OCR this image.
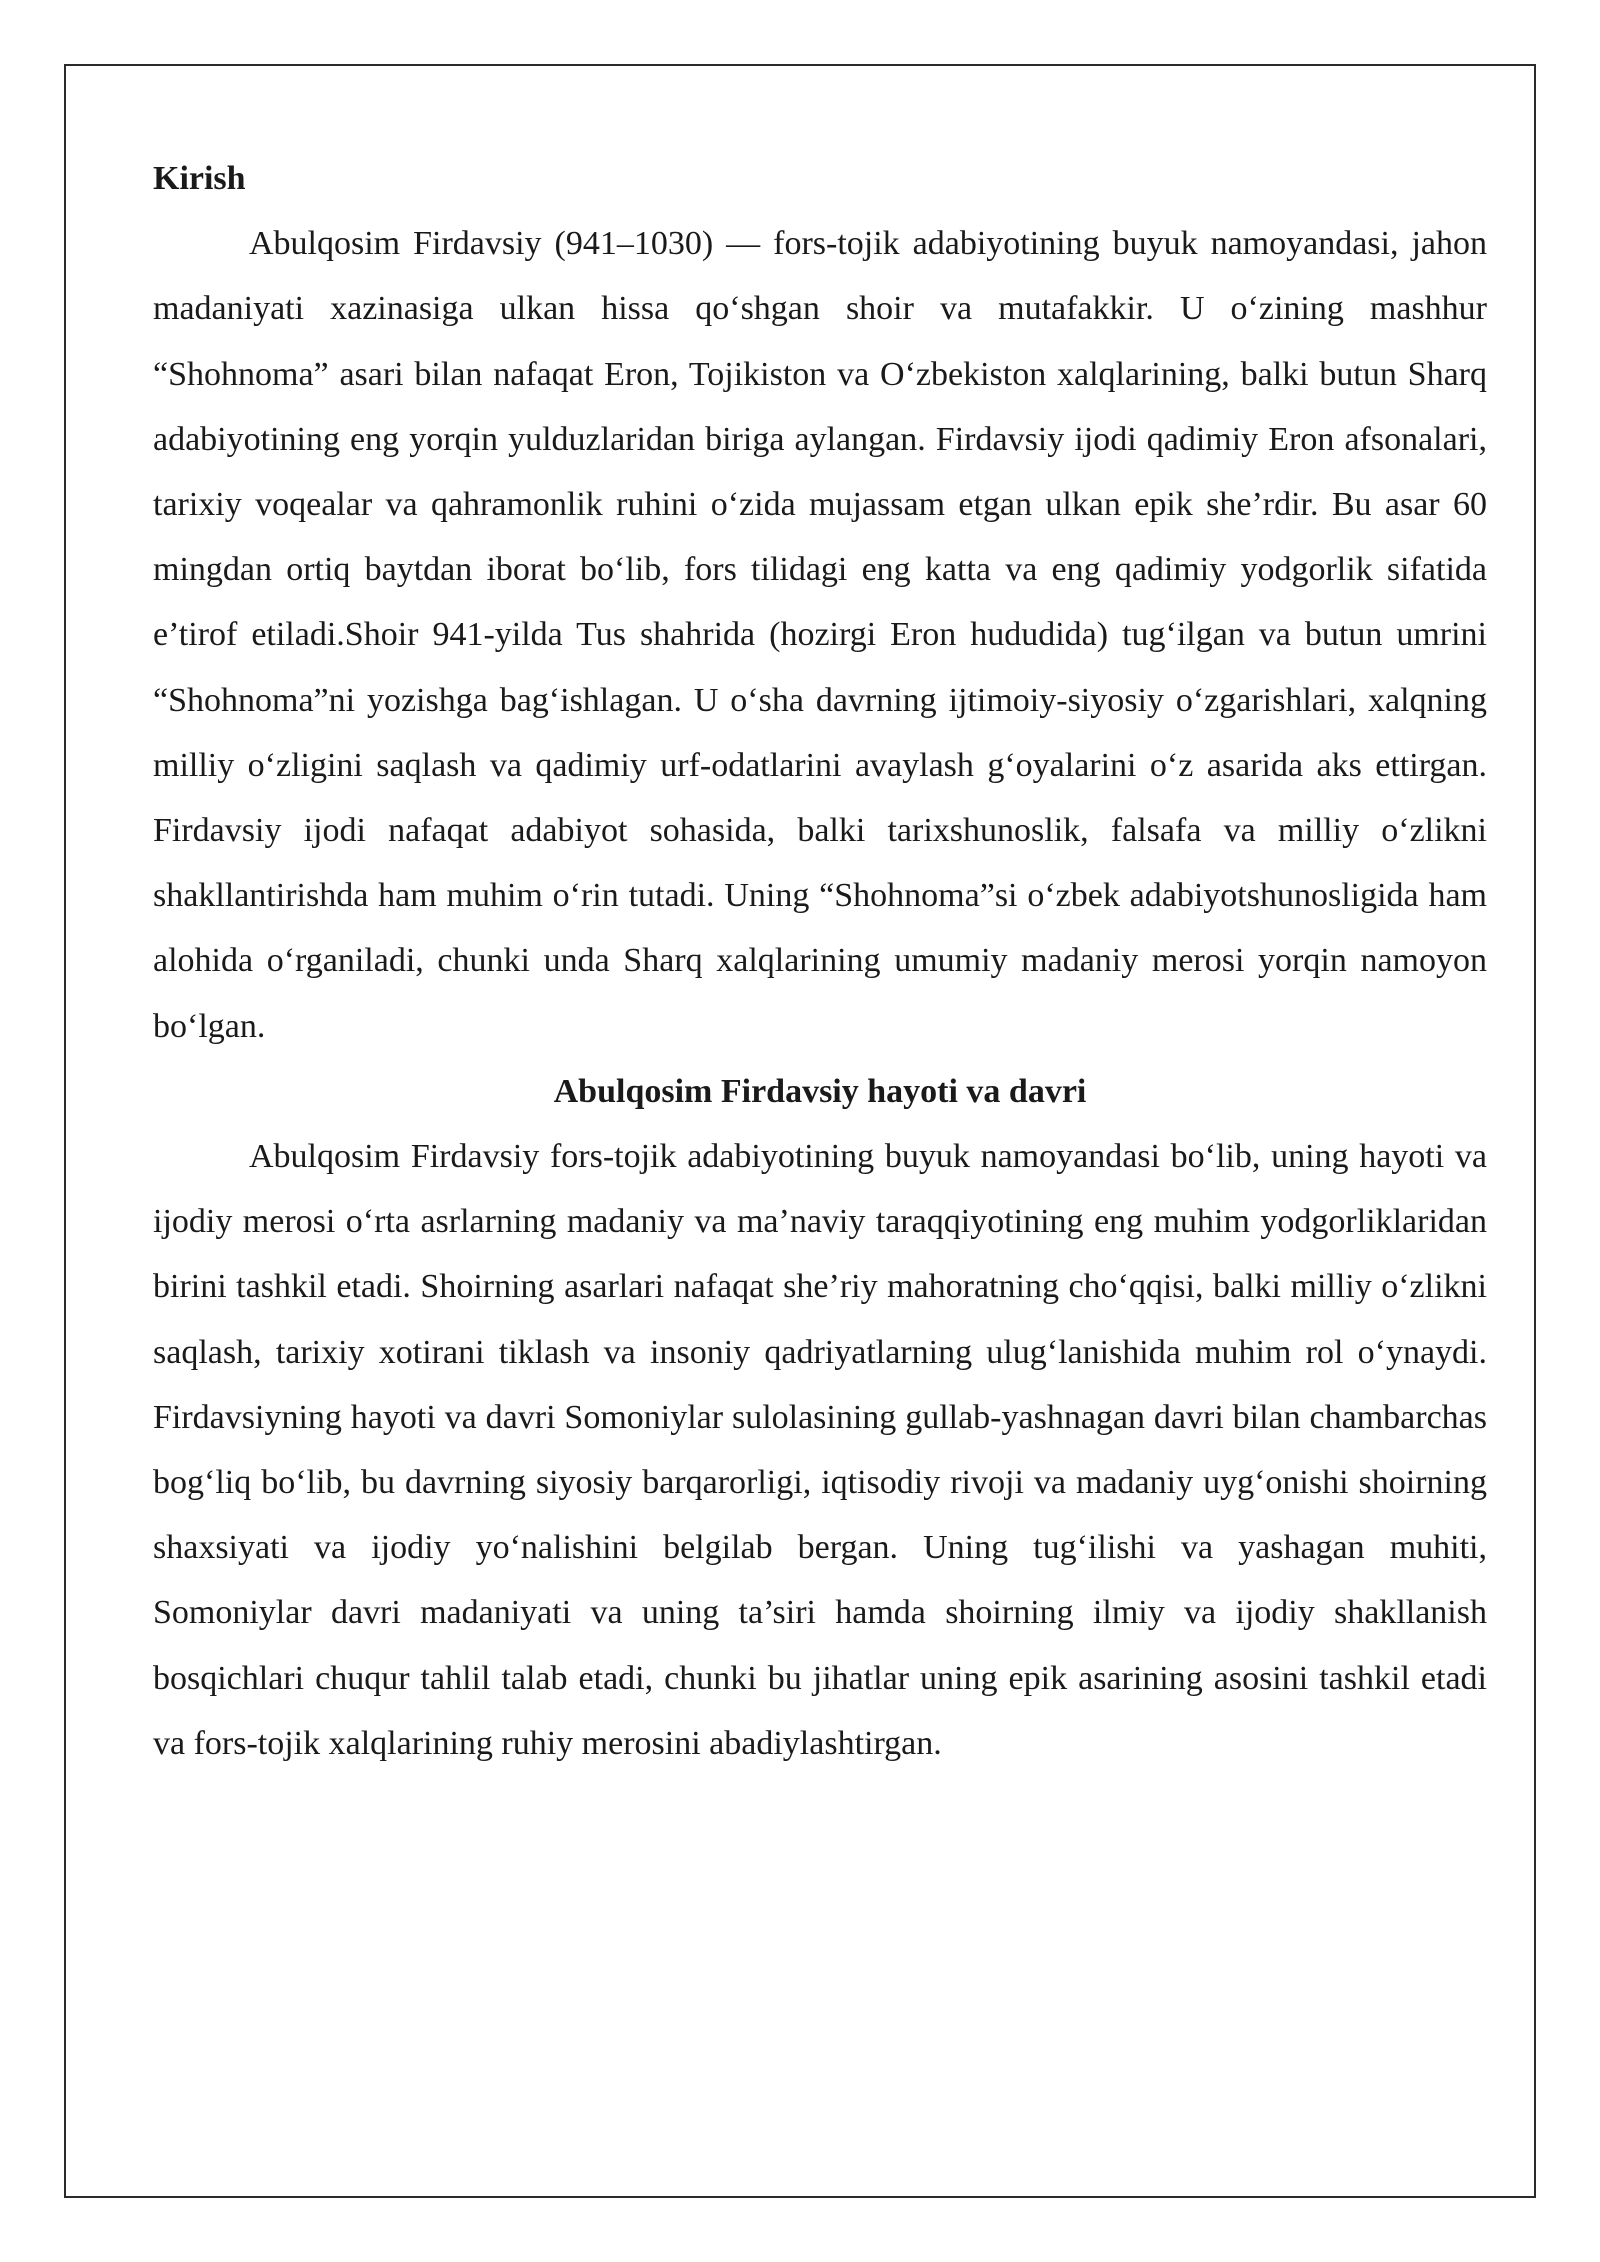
Kirish

Abulqosim Firdavsiy (941–1030) — fors-tojik adabiyotining buyuk namoyandasi, jahon madaniyati xazinasiga ulkan hissa qo‘shgan shoir va mutafakkir. U o‘zining mashhur “Shohnoma” asari bilan nafaqat Eron, Tojikiston va O‘zbekiston xalqlarining, balki butun Sharq adabiyotining eng yorqin yulduzlaridan biriga aylangan. Firdavsiy ijodi qadimiy Eron afsonalari, tarixiy voqealar va qahramonlik ruhini o‘zida mujassam etgan ulkan epik she’rdir. Bu asar 60 mingdan ortiq baytdan iborat bo‘lib, fors tilidagi eng katta va eng qadimiy yodgorlik sifatida e’tirof etiladi.Shoir 941-yilda Tus shahrida (hozirgi Eron hududida) tug‘ilgan va butun umrini “Shohnoma”ni yozishga bag‘ishlagan. U o‘sha davrning ijtimoiy-siyosiy o‘zgarishlari, xalqning milliy o‘zligini saqlash va qadimiy urf-odatlarini avaylash g‘oyalarini o‘z asarida aks ettirgan. Firdavsiy ijodi nafaqat adabiyot sohasida, balki tarixshunoslik, falsafa va milliy o‘zlikni shakllantirishda ham muhim o‘rin tutadi. Uning “Shohnoma”si o‘zbek adabiyotshunosligida ham alohida o‘rganiladi, chunki unda Sharq xalqlarining umumiy madaniy merosi yorqin namoyon bo‘lgan.

Abulqosim Firdavsiy hayoti va davri

Abulqosim Firdavsiy fors-tojik adabiyotining buyuk namoyandasi bo‘lib, uning hayoti va ijodiy merosi o‘rta asrlarning madaniy va ma’naviy taraqqiyotining eng muhim yodgorliklaridan birini tashkil etadi. Shoirning asarlari nafaqat she’riy mahoratning cho‘qqisi, balki milliy o‘zlikni saqlash, tarixiy xotirani tiklash va insoniy qadriyatlarning ulug‘lanishida muhim rol o‘ynaydi. Firdavsiyning hayoti va davri Somoniylar sulolasining gullab-yashnagan davri bilan chambarchas bog‘liq bo‘lib, bu davrning siyosiy barqarorligi, iqtisodiy rivoji va madaniy uyg‘onishi shoirning shaxsiyati va ijodiy yo‘nalishini belgilab bergan. Uning tug‘ilishi va yashagan muhiti, Somoniylar davri madaniyati va uning ta’siri hamda shoirning ilmiy va ijodiy shakllanish bosqichlari chuqur tahlil talab etadi, chunki bu jihatlar uning epik asarining asosini tashkil etadi va fors-tojik xalqlarining ruhiy merosini abadiylashtirgan.
